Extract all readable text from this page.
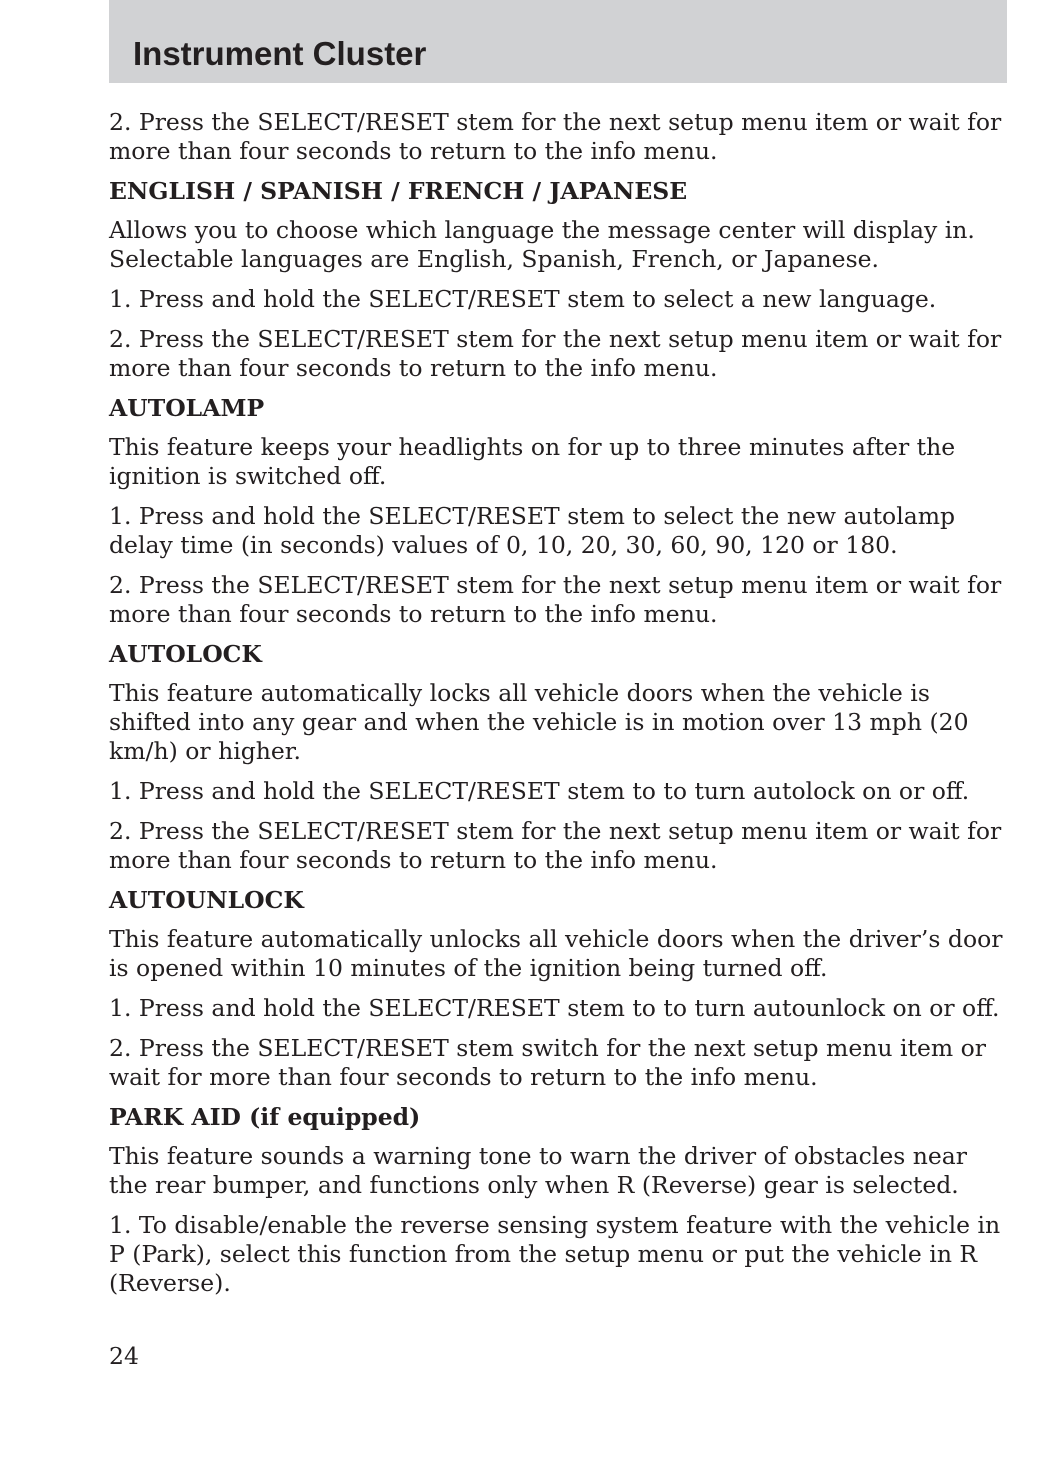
Instrument Cluster

2. Press the SELECT/RESET stem for the next setup menu item or wait for more than four seconds to return to the info menu.

ENGLISH / SPANISH / FRENCH / JAPANESE

Allows you to choose which language the message center will display in. Selectable languages are English, Spanish, French, or Japanese.

1. Press and hold the SELECT/RESET stem to select a new language.

2. Press the SELECT/RESET stem for the next setup menu item or wait for more than four seconds to return to the info menu.

AUTOLAMP

This feature keeps your headlights on for up to three minutes after the ignition is switched off.

1. Press and hold the SELECT/RESET stem to select the new autolamp delay time (in seconds) values of 0, 10, 20, 30, 60, 90, 120 or 180.

2. Press the SELECT/RESET stem for the next setup menu item or wait for more than four seconds to return to the info menu.

AUTOLOCK

This feature automatically locks all vehicle doors when the vehicle is shifted into any gear and when the vehicle is in motion over 13 mph (20 km/h) or higher.

1. Press and hold the SELECT/RESET stem to to turn autolock on or off.

2. Press the SELECT/RESET stem for the next setup menu item or wait for more than four seconds to return to the info menu.

AUTOUNLOCK

This feature automatically unlocks all vehicle doors when the driver’s door is opened within 10 minutes of the ignition being turned off.

1. Press and hold the SELECT/RESET stem to to turn autounlock on or off.

2. Press the SELECT/RESET stem switch for the next setup menu item or wait for more than four seconds to return to the info menu.

PARK AID (if equipped)

This feature sounds a warning tone to warn the driver of obstacles near the rear bumper, and functions only when R (Reverse) gear is selected.

1. To disable/enable the reverse sensing system feature with the vehicle in P (Park), select this function from the setup menu or put the vehicle in R (Reverse).

24
